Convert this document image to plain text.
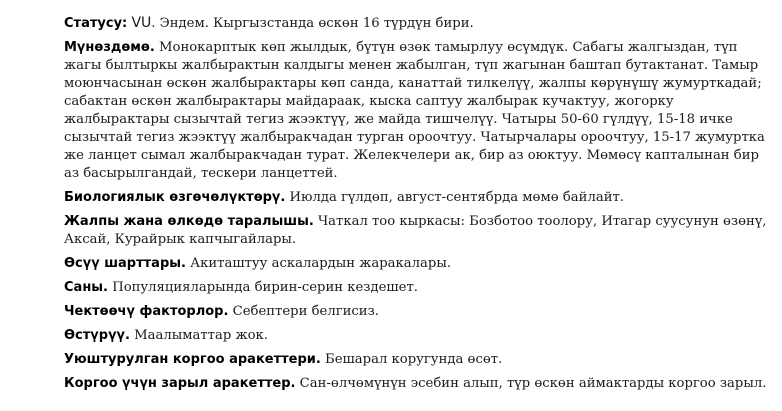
Статусу: VU. Эндем. Кыргызстанда өскөн 16 түрдүн бири.

Мүнөздөмө. Монокарптык көп жылдык, бүтүн өзөк тамырлуу өсүмдүк. Сабагы жалгыздан, түп жагы былтыркы жалбырактын калдыгы менен жабылган, түп жагынан баштап бутактанат. Тамыр моюнчасынан өскөн жалбырактары көп санда, канаттай тилкелүү, жалпы көрүнүшү жумурткадай; сабактан өскөн жалбырактары майдараак, кыска саптуу жалбырак кучактуу, жогорку жалбырактары сызычтай тегиз жээктүү, же майда тишчелүү. Чатыры 50-60 гүлдүү, 15-18 ичке сызычтай тегиз жээктүү жалбыракчадан турган ороочтуу. Чатырчалары ороочтуу, 15-17 жумуртка же ланцет сымал жалбыракчадан турат. Желекчелери ак, бир аз оюктуу. Мөмөсү капталынан бир аз басырылгандай, тескери ланцеттей.

Биологиялык өзгөчөлүктөрү. Июлда гүлдөп, август-сентябрда мөмө байлайт.

Жалпы жана өлкөдө таралышы. Чаткал тоо кыркасы: Бозботоо тоолору, Итагар суусунун өзөнү, Аксай, Курайрык капчыгайлары.

Өсүү шарттары. Акиташтуу аскалардын жаракалары.

Саны. Популяцияларында бирин-серин кездешет.

Чектөөчү факторлор. Себептери белгисиз.

Өстүрүү. Маалыматтар жок.

Уюштурулган коргоо аракеттери. Бешарал коругунда өсөт.

Коргоо үчүн зарыл аракеттер. Сан-өлчөмүнүн эсебин алып, түр өскөн аймактарды коргоо зарыл.
